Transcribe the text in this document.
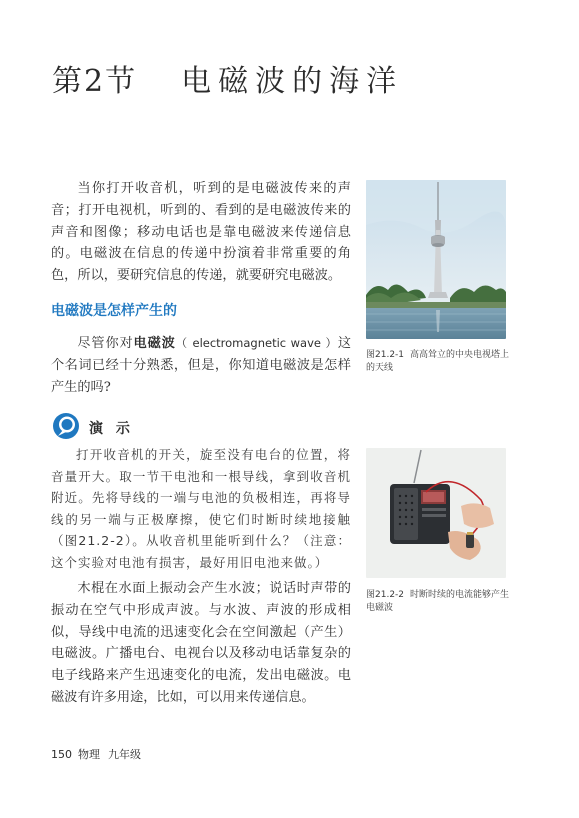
第2节 电磁波的海洋

当你打开收音机，听到的是电磁波传来的声音；打开电视机，听到的、看到的是电磁波传来的声音和图像；移动电话也是靠电磁波来传递信息的。电磁波在信息的传递中扮演着非常重要的角色，所以，要研究信息的传递，就要研究电磁波。

电磁波是怎样产生的

尽管你对电磁波（ electromagnetic wave ）这个名词已经十分熟悉，但是，你知道电磁波是怎样产生的吗?

演 示

打开收音机的开关，旋至没有电台的位置，将音量开大。取一节干电池和一根导线，拿到收音机附近。先将导线的一端与电池的负极相连，再将导线的另一端与正极摩擦，使它们时断时续地接触（图21.2-2）。从收音机里能听到什么？（注意：这个实验对电池有损害，最好用旧电池来做。）

木棍在水面上振动会产生水波；说话时声带的振动在空气中形成声波。与水波、声波的形成相似，导线中电流的迅速变化会在空间激起（产生）电磁波。广播电台、电视台以及移动电话靠复杂的电子线路来产生迅速变化的电流，发出电磁波。电磁波有许多用途，比如，可以用来传递信息。

图21.2-1 高高耸立的中央电视塔上的天线

图21.2-2 时断时续的电流能够产生电磁波

150 物理 九年级
